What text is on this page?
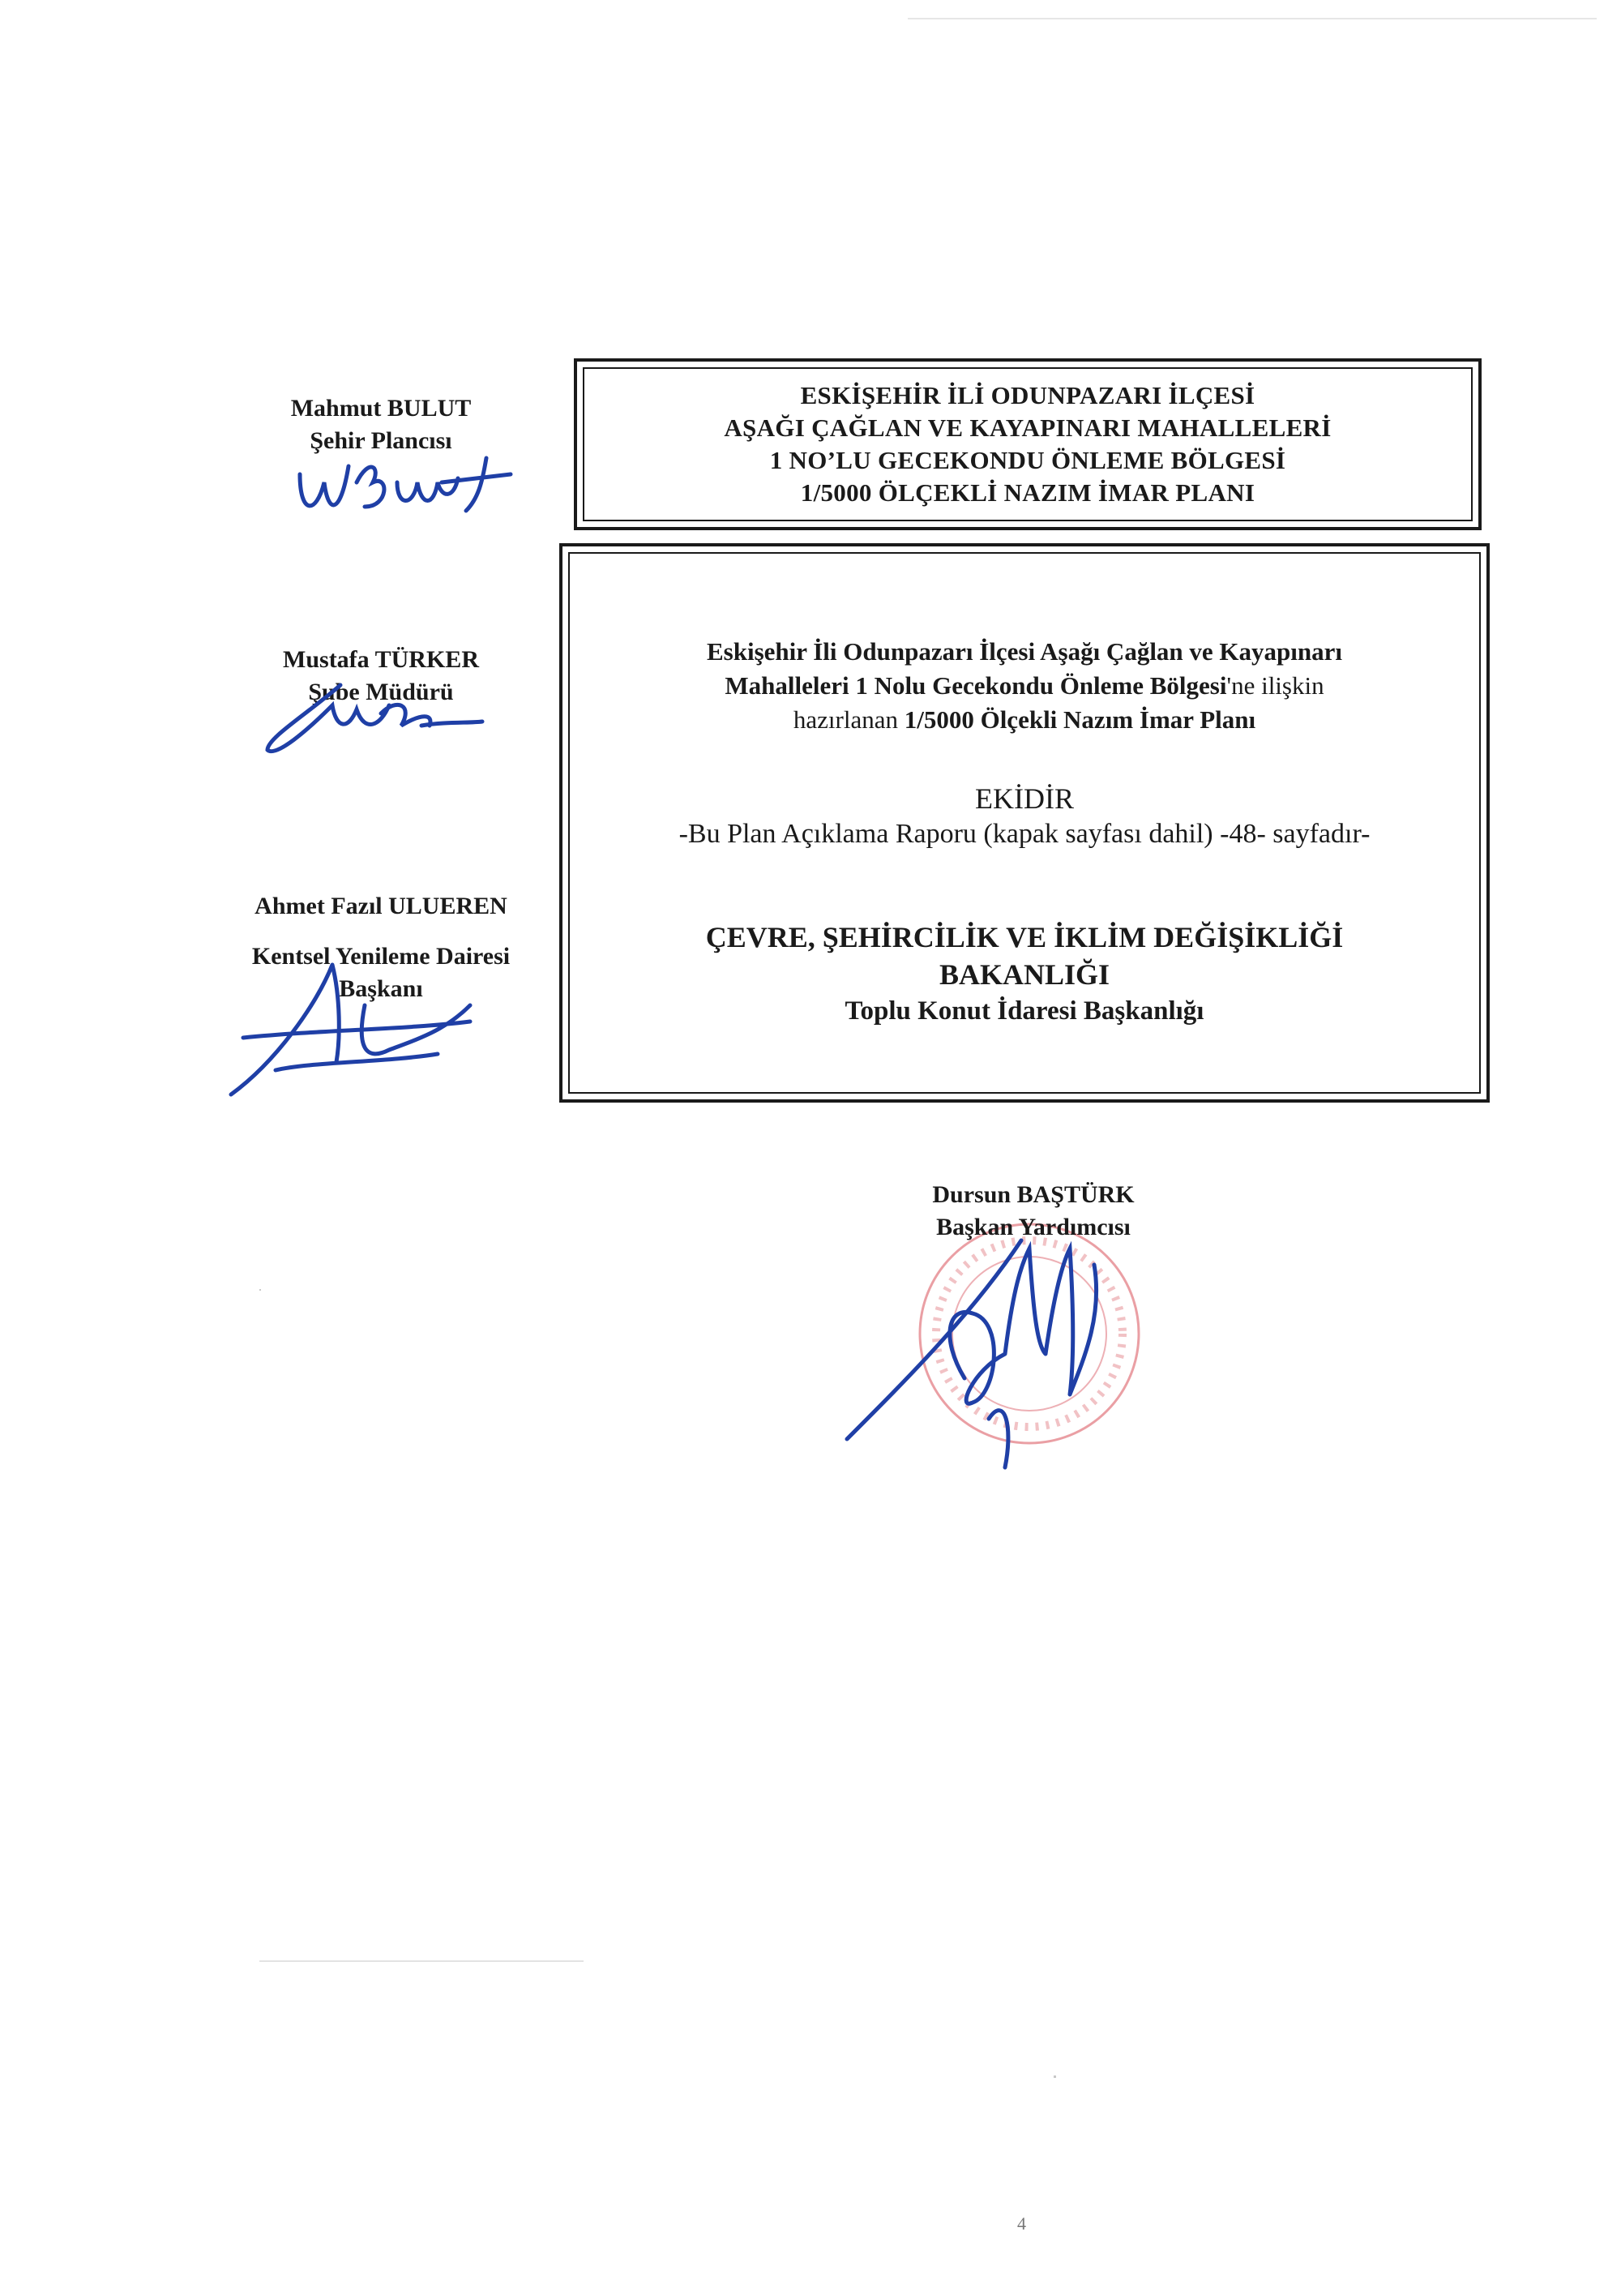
Mahmut BULUT
Şehir Plancısı
Mustafa TÜRKER
Şube Müdürü
Ahmet Fazıl ULUEREN
Kentsel Yenileme Dairesi
Başkanı
ESKİŞEHİR İLİ ODUNPAZARI İLÇESİ
AŞAĞI ÇAĞLAN VE KAYAPINARI MAHALLELERİ
1 NO’LU GECEKONDU ÖNLEME BÖLGESİ
1/5000 ÖLÇEKLİ NAZIM İMAR PLANI
Eskişehir İli Odunpazarı İlçesi Aşağı Çağlan ve Kayapınarı
Mahalleleri 1 Nolu Gecekondu Önleme Bölgesi'ne ilişkin
hazırlanan 1/5000 Ölçekli Nazım İmar Planı
EKİDİR
-Bu Plan Açıklama Raporu (kapak sayfası dahil) -48- sayfadır-
ÇEVRE, ŞEHİRCİLİK VE İKLİM DEĞİŞİKLİĞİ
BAKANLIĞI
Toplu Konut İdaresi Başkanlığı
Dursun BAŞTÜRK
Başkan Yardımcısı
4
